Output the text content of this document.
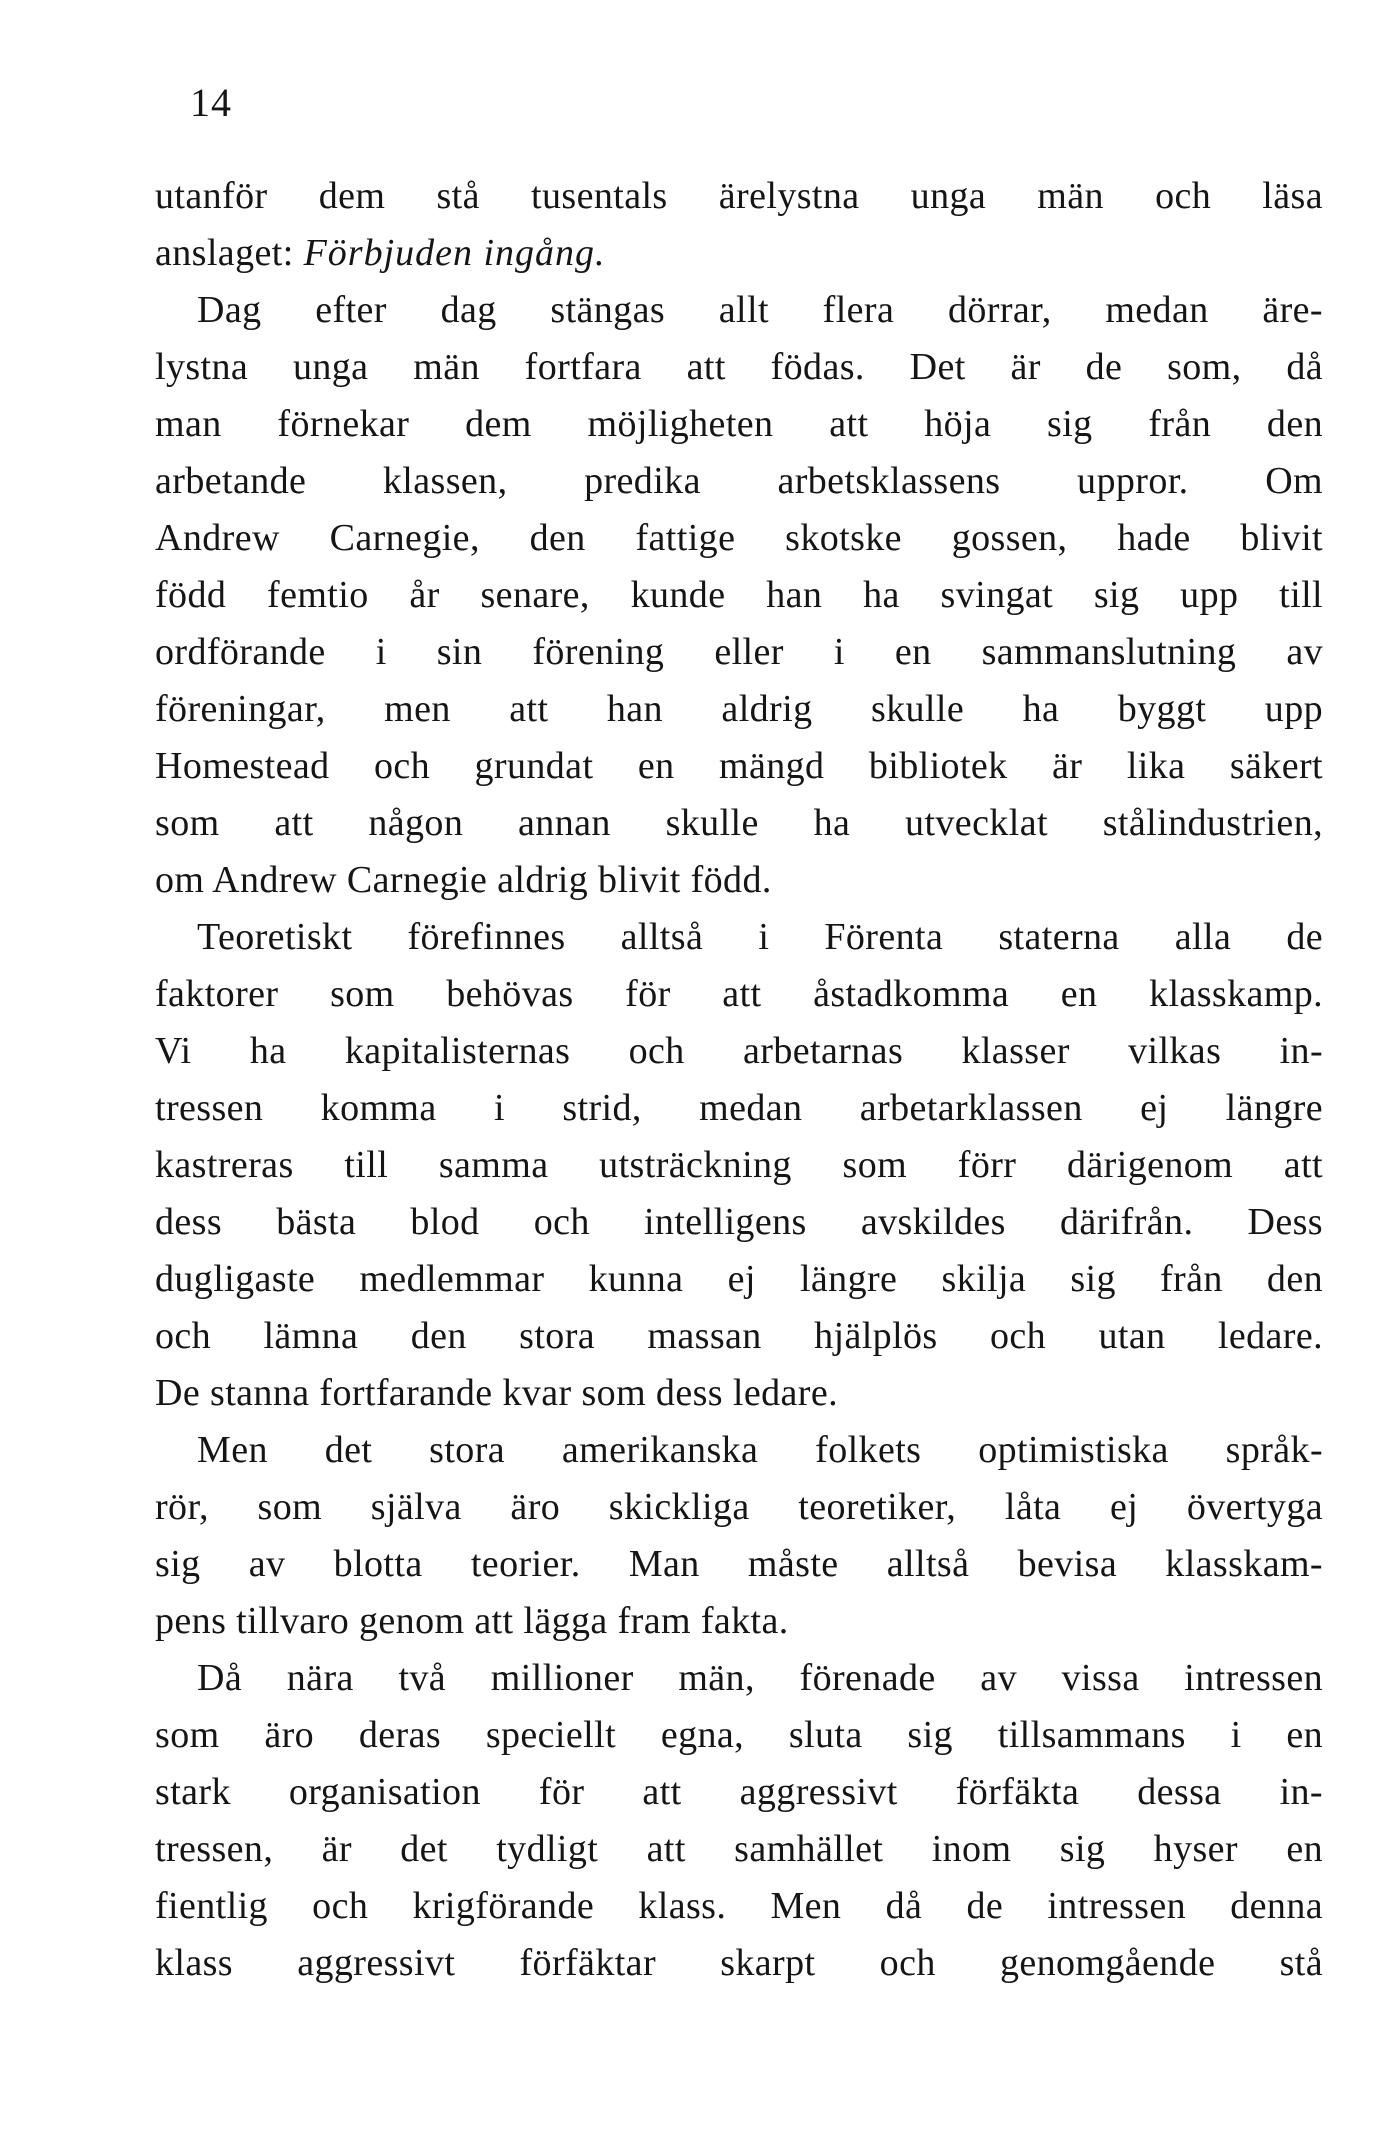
14
utanför dem stå tusentals ärelystna unga män och läsa
anslaget: Förbjuden ingång.
Dag efter dag stängas allt flera dörrar, medan äre-
lystna unga män fortfara att födas. Det är de som, då
man förnekar dem möjligheten att höja sig från den
arbetande klassen, predika arbetsklassens uppror. Om
Andrew Carnegie, den fattige skotske gossen, hade blivit
född femtio år senare, kunde han ha svingat sig upp till
ordförande i sin förening eller i en sammanslutning av
föreningar, men att han aldrig skulle ha byggt upp
Homestead och grundat en mängd bibliotek är lika säkert
som att någon annan skulle ha utvecklat stålindustrien,
om Andrew Carnegie aldrig blivit född.
Teoretiskt förefinnes alltså i Förenta staterna alla de
faktorer som behövas för att åstadkomma en klasskamp.
Vi ha kapitalisternas och arbetarnas klasser vilkas in-
tressen komma i strid, medan arbetarklassen ej längre
kastreras till samma utsträckning som förr därigenom att
dess bästa blod och intelligens avskildes därifrån. Dess
dugligaste medlemmar kunna ej längre skilja sig från den
och lämna den stora massan hjälplös och utan ledare.
De stanna fortfarande kvar som dess ledare.
Men det stora amerikanska folkets optimistiska språk-
rör, som själva äro skickliga teoretiker, låta ej övertyga
sig av blotta teorier. Man måste alltså bevisa klasskam-
pens tillvaro genom att lägga fram fakta.
Då nära två millioner män, förenade av vissa intressen
som äro deras speciellt egna, sluta sig tillsammans i en
stark organisation för att aggressivt förfäkta dessa in-
tressen, är det tydligt att samhället inom sig hyser en
fientlig och krigförande klass. Men då de intressen denna
klass aggressivt förfäktar skarpt och genomgående stå
